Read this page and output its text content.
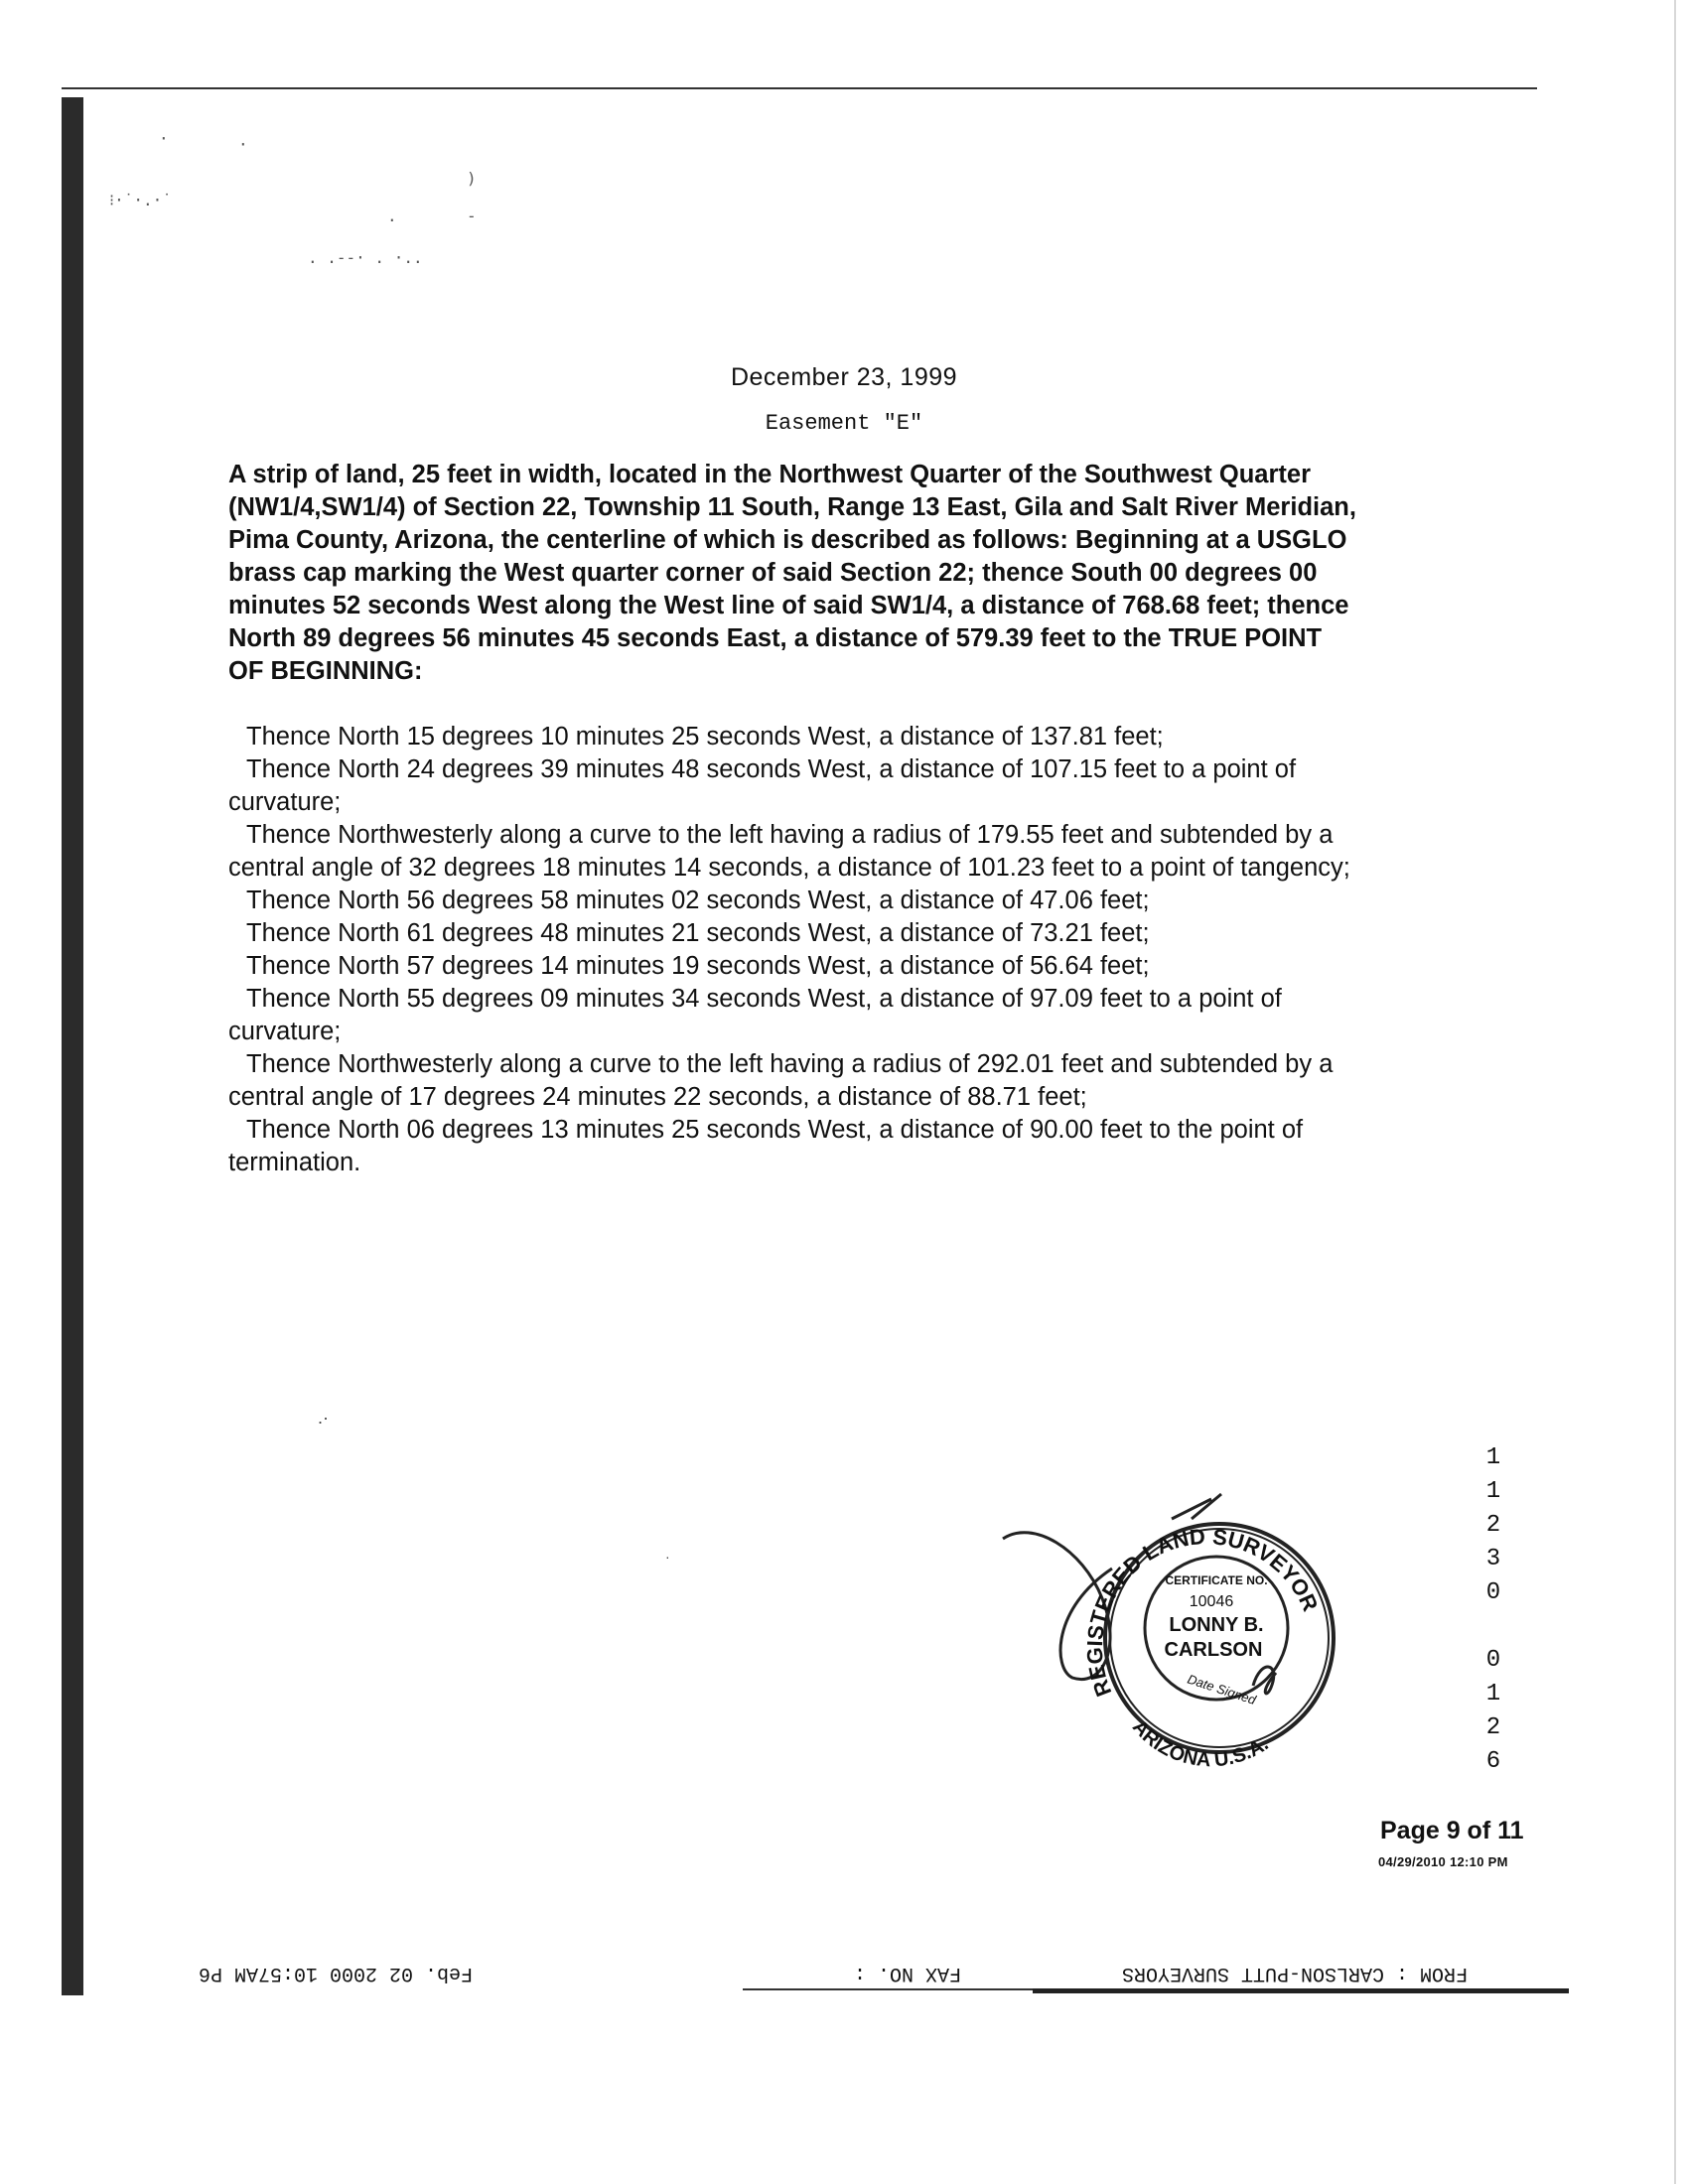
·	·
⁝·˙·.·˙
)
.	-
. .--· . ·..
December 23, 1999
Easement "E"

A strip of land, 25 feet in width, located in the Northwest Quarter of the Southwest Quarter (NW1/4,SW1/4) of Section 22, Township 11 South, Range 13 East, Gila and Salt River Meridian, Pima County, Arizona, the centerline of which is described as follows: Beginning at a USGLO brass cap marking the West quarter corner of said Section 22; thence South 00 degrees 00 minutes 52 seconds West along the West line of said SW1/4, a distance of 768.68 feet; thence North 89 degrees 56 minutes 45 seconds East, a distance of 579.39 feet to the TRUE POINT OF BEGINNING:

Thence North 15 degrees 10 minutes 25 seconds West, a distance of 137.81 feet;

Thence North 24 degrees 39 minutes 48 seconds West, a distance of 107.15 feet to a point of curvature;

Thence Northwesterly along a curve to the left having a radius of 179.55 feet and subtended by a central angle of 32 degrees 18 minutes 14 seconds, a distance of 101.23 feet to a point of tangency;

Thence North 56 degrees 58 minutes 02 seconds West, a distance of 47.06 feet;

Thence North 61 degrees 48 minutes 21 seconds West, a distance of 73.21 feet;

Thence North 57 degrees 14 minutes 19 seconds West, a distance of 56.64 feet;

Thence North 55 degrees 09 minutes 34 seconds West, a distance of 97.09 feet to a point of curvature;

Thence Northwesterly along a curve to the left having a radius of 292.01 feet and subtended by a central angle of 17 degrees 24 minutes 22 seconds, a distance of 88.71 feet;

Thence North 06 degrees 13 minutes 25 seconds West, a distance of 90.00 feet to the point of termination.

.·
·
REGISTERED LAND SURVEYOR
ARIZONA U.S.A.
CERTIFICATE NO.
10046
LONNY B.
CARLSON
Date Signed
1
1
2
3
0
0
1
2
6
Page 9 of 11
04/29/2010 12:10 PM
FROM : CARLSON-PUTT SURVEYORS
FAX NO. :
Feb. 02 2000 10:57AM P6
